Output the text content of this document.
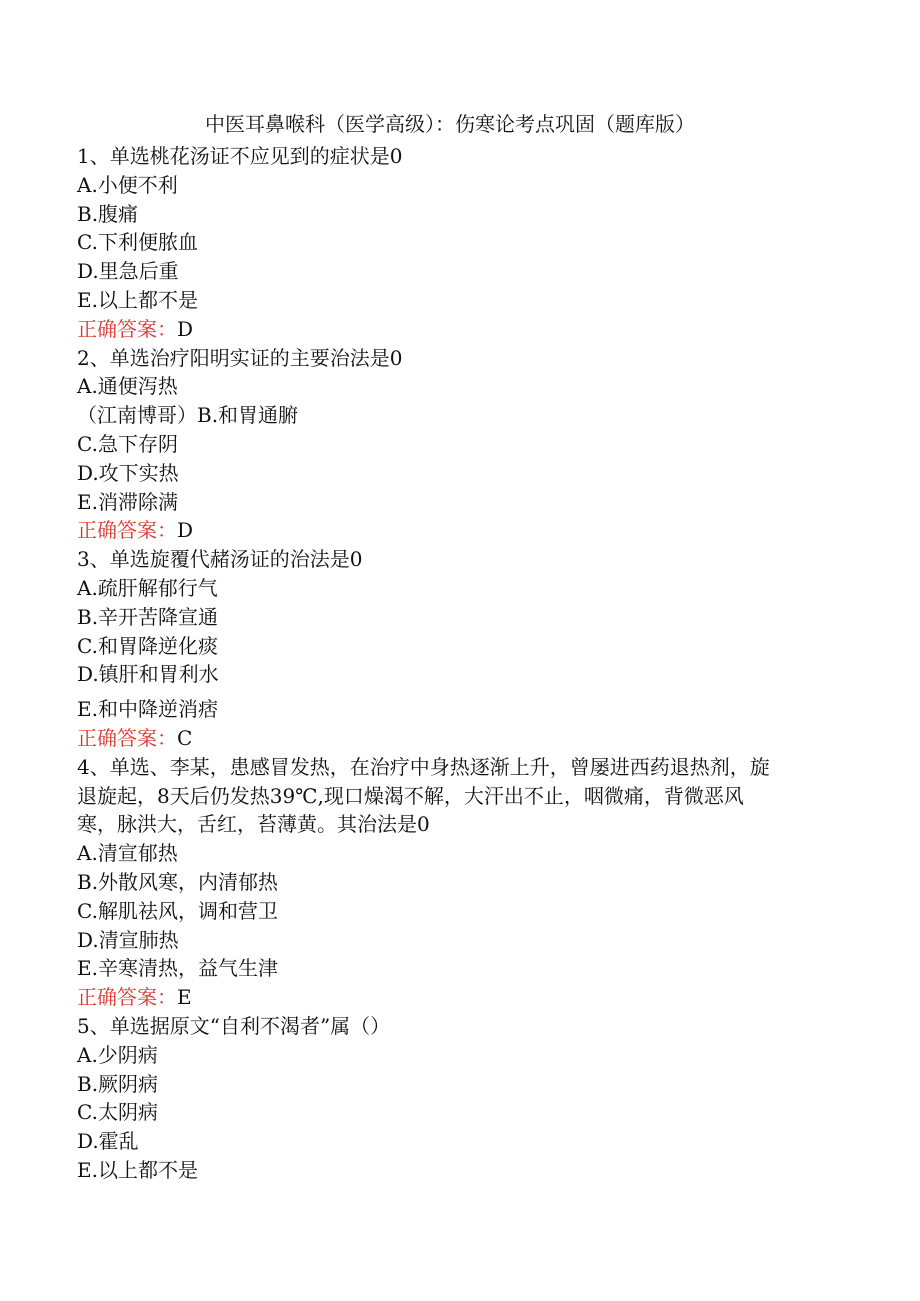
中医耳鼻喉科（医学高级）：伤寒论考点巩固（题库版）
1、单选桃花汤证不应见到的症状是0
A.小便不利
B.腹痛
C.下利便脓血
D.里急后重
E.以上都不是
正确答案：D
2、单选治疗阳明实证的主要治法是0
A.通便泻热
（江南博哥）B.和胃通腑
C.急下存阴
D.攻下实热
E.消滞除满
正确答案：D
3、单选旋覆代赭汤证的治法是0
A.疏肝解郁行气
B.辛开苦降宣通
C.和胃降逆化痰
D.镇肝和胃利水
E.和中降逆消痞
正确答案：C
4、单选、李某，患感冒发热，在治疗中身热逐渐上升，曾屡进西药退热剂，旋
退旋起，8天后仍发热39℃,现口燥渴不解，大汗出不止，咽微痛，背微恶风
寒，脉洪大，舌红，苔薄黄。其治法是0
A.清宣郁热
B.外散风寒，内清郁热
C.解肌祛风，调和营卫
D.清宣肺热
E.辛寒清热，益气生津
正确答案：E
5、单选据原文“自利不渴者”属（）
A.少阴病
B.厥阴病
C.太阴病
D.霍乱
E.以上都不是
